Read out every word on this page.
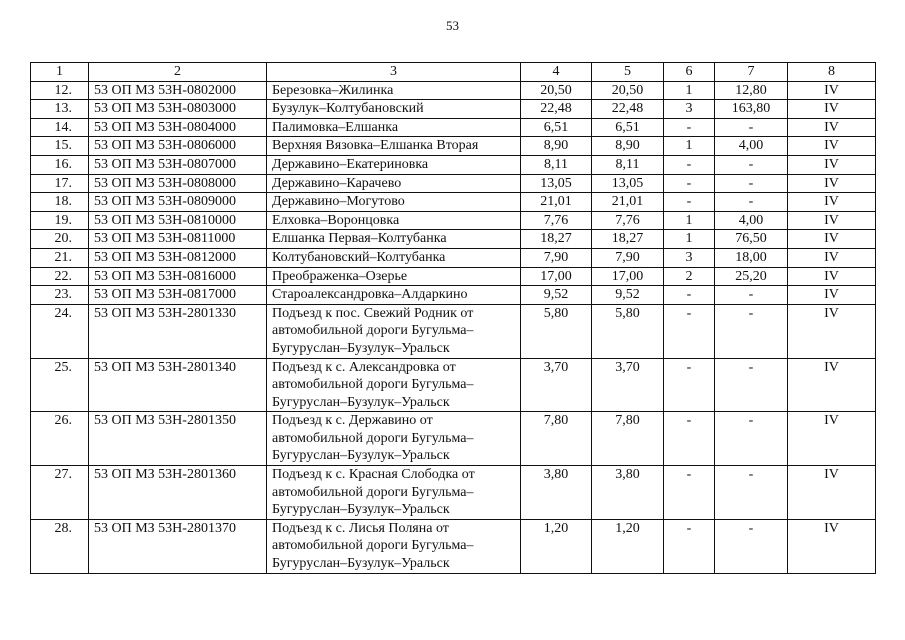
53
1	2	3	4	5	6	7	8
12.	53 ОП МЗ 53Н-0802000	Березовка–Жилинка	20,50	20,50	1	12,80	IV
13.	53 ОП МЗ 53Н-0803000	Бузулук–Колтубановский	22,48	22,48	3	163,80	IV
14.	53 ОП МЗ 53Н-0804000	Палимовка–Елшанка	6,51	6,51	-	-	IV
15.	53 ОП МЗ 53Н-0806000	Верхняя Вязовка–Елшанка Вторая	8,90	8,90	1	4,00	IV
16.	53 ОП МЗ 53Н-0807000	Державино–Екатериновка	8,11	8,11	-	-	IV
17.	53 ОП МЗ 53Н-0808000	Державино–Карачево	13,05	13,05	-	-	IV
18.	53 ОП МЗ 53Н-0809000	Державино–Могутово	21,01	21,01	-	-	IV
19.	53 ОП МЗ 53Н-0810000	Елховка–Воронцовка	7,76	7,76	1	4,00	IV
20.	53 ОП МЗ 53Н-0811000	Елшанка Первая–Колтубанка	18,27	18,27	1	76,50	IV
21.	53 ОП МЗ 53Н-0812000	Колтубановский–Колтубанка	7,90	7,90	3	18,00	IV
22.	53 ОП МЗ 53Н-0816000	Преображенка–Озерье	17,00	17,00	2	25,20	IV
23.	53 ОП МЗ 53Н-0817000	Староалександровка–Алдаркино	9,52	9,52	-	-	IV
24.	53 ОП МЗ 53Н-2801330	Подъезд к пос. Свежий Родник от автомобильной дороги Бугульма–Бугуруслан–Бузулук–Уральск	5,80	5,80	-	-	IV
25.	53 ОП МЗ 53Н-2801340	Подъезд к с. Александровка от автомобильной дороги Бугульма–Бугуруслан–Бузулук–Уральск	3,70	3,70	-	-	IV
26.	53 ОП МЗ 53Н-2801350	Подъезд к с. Державино от автомобильной дороги Бугульма–Бугуруслан–Бузулук–Уральск	7,80	7,80	-	-	IV
27.	53 ОП МЗ 53Н-2801360	Подъезд к с. Красная Слободка от автомобильной дороги Бугульма–Бугуруслан–Бузулук–Уральск	3,80	3,80	-	-	IV
28.	53 ОП МЗ 53Н-2801370	Подъезд к с. Лисья Поляна от автомобильной дороги Бугульма–Бугуруслан–Бузулук–Уральск	1,20	1,20	-	-	IV
